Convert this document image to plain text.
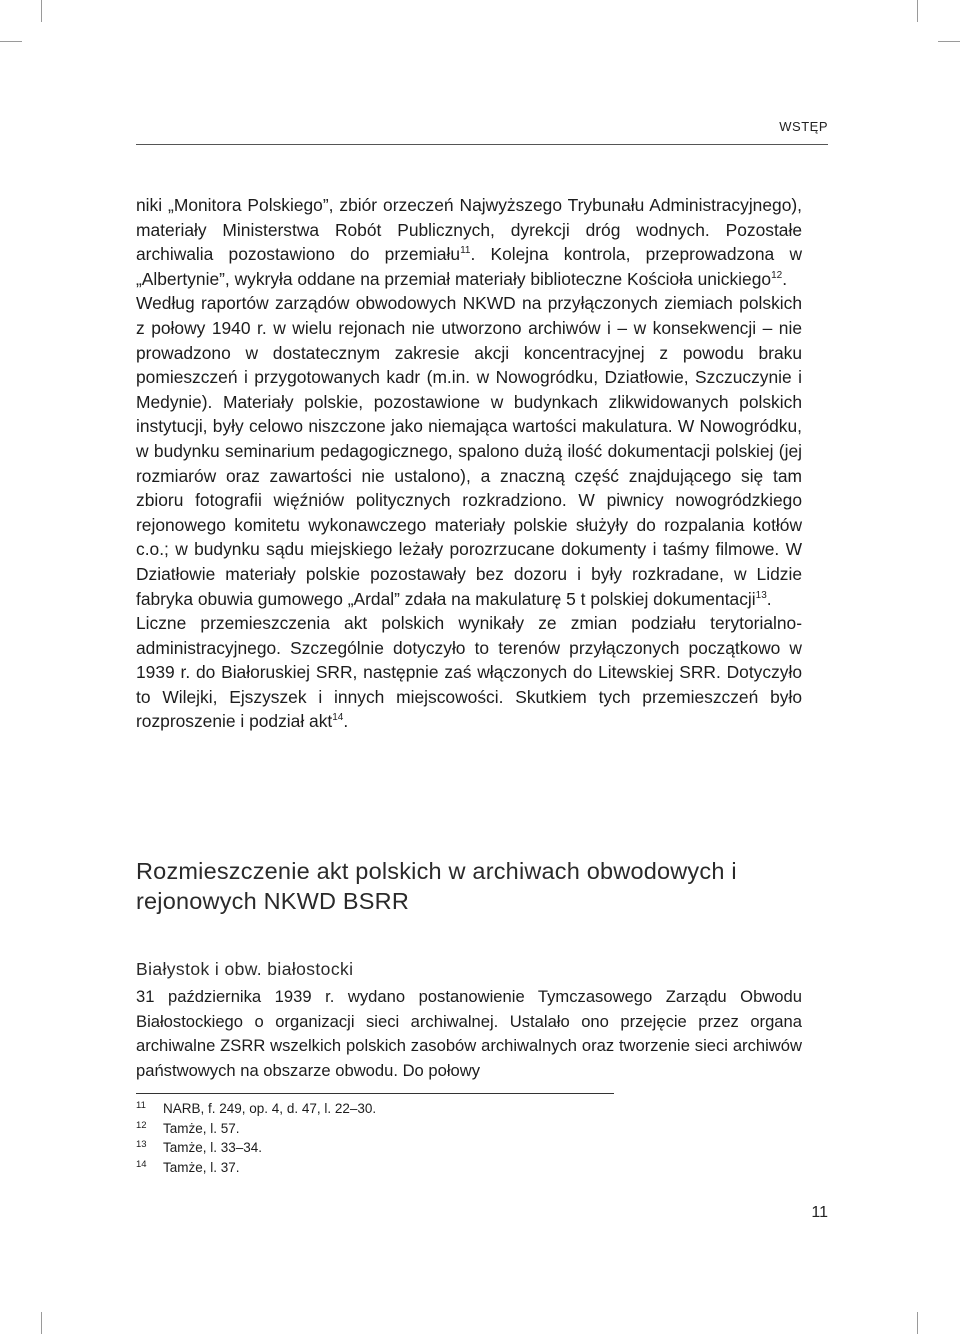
WSTĘP

niki „Monitora Polskiego”, zbiór orzeczeń Najwyższego Trybunału Administracyjnego), materiały Ministerstwa Robót Publicznych, dyrekcji dróg wodnych. Pozostałe archiwalia pozostawiono do przemiału$^{11}$. Kolejna kontrola, przeprowadzona w „Albertynie”, wykryła oddane na przemiał materiały biblioteczne Kościoła unickiego$^{12}$.

Według raportów zarządów obwodowych NKWD na przyłączonych ziemiach polskich z połowy 1940 r. w wielu rejonach nie utworzono archiwów i – w konsekwencji – nie prowadzono w dostatecznym zakresie akcji koncentracyjnej z powodu braku pomieszczeń i przygotowanych kadr (m.in. w Nowogródku, Dziatłowie, Szczuczynie i Medynie). Materiały polskie, pozostawione w budynkach zlikwidowanych polskich instytucji, były celowo niszczone jako niemająca wartości makulatura. W Nowogródku, w budynku seminarium pedagogicznego, spalono dużą ilość dokumentacji polskiej (jej rozmiarów oraz zawartości nie ustalono), a znaczną część znajdującego się tam zbioru fotografii więźniów politycznych rozkradziono. W piwnicy nowogródzkiego rejonowego komitetu wykonawczego materiały polskie służyły do rozpalania kotłów c.o.; w budynku sądu miejskiego leżały porozrzucane dokumenty i taśmy filmowe. W Dziatłowie materiały polskie pozostawały bez dozoru i były rozkradane, w Lidzie fabryka obuwia gumowego „Ardal” zdała na makulaturę 5 t polskiej dokumentacji$^{13}$.

Liczne przemieszczenia akt polskich wynikały ze zmian podziału terytorialno-administracyjnego. Szczególnie dotyczyło to terenów przyłączonych początkowo w 1939 r. do Białoruskiej SRR, następnie zaś włączonych do Litewskiej SRR. Dotyczyło to Wilejki, Ejszyszek i innych miejscowości. Skutkiem tych przemieszczeń było rozproszenie i podział akt$^{14}$.

Rozmieszczenie akt polskich w archiwach obwodowych i rejonowych NKWD BSRR
Białystok i obw. białostocki

31 października 1939 r. wydano postanowienie Tymczasowego Zarządu Obwodu Białostockiego o organizacji sieci archiwalnej. Ustalało ono przejęcie przez organa archiwalne ZSRR wszelkich polskich zasobów archiwalnych oraz tworzenie sieci archiwów państwowych na obszarze obwodu. Do połowy

11	NARB, f. 249, op. 4, d. 47, l. 22–30.
12	Tamże, l. 57.
13	Tamże, l. 33–34.
14	Tamże, l. 37.
11
